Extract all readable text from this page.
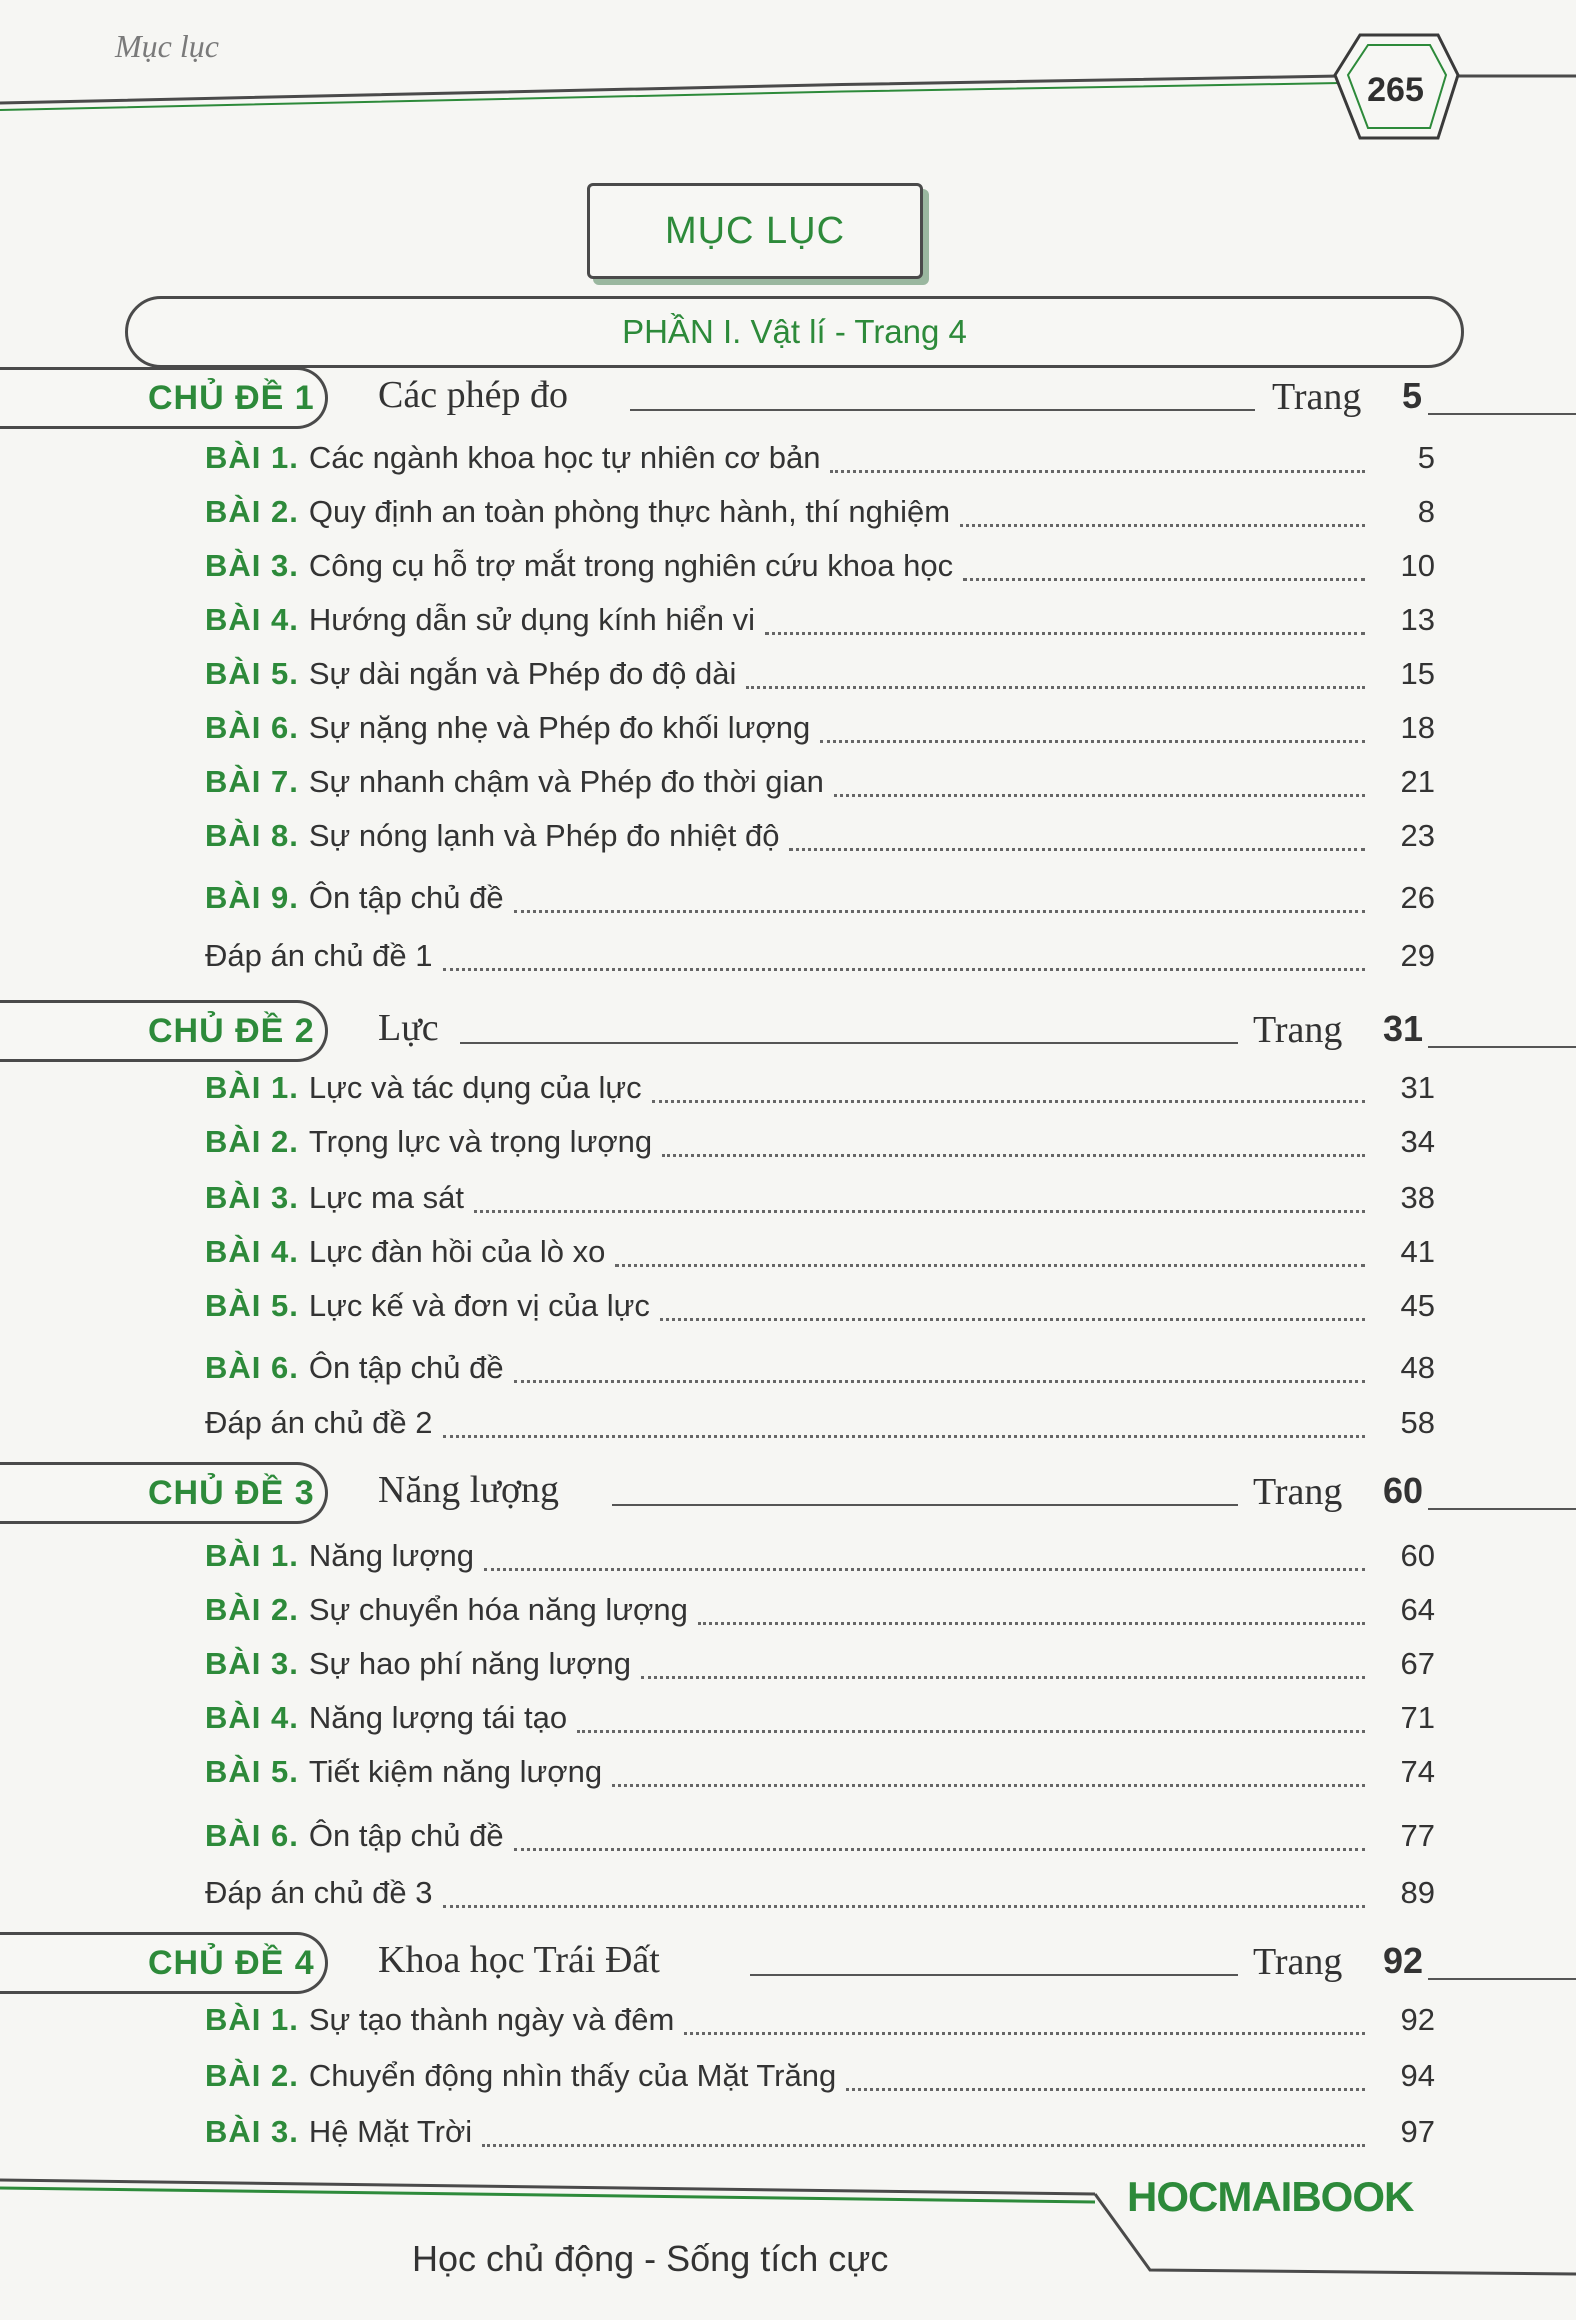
Mục lục
265
MỤC LỤC
PHẦN I. Vật lí - Trang 4
CHỦ ĐỀ 1	Các phép đo	Trang 5
BÀI 1. Các ngành khoa học tự nhiên cơ bản	5
BÀI 2. Quy định an toàn phòng thực hành, thí nghiệm	8
BÀI 3. Công cụ hỗ trợ mắt trong nghiên cứu khoa học	10
BÀI 4. Hướng dẫn sử dụng kính hiển vi	13
BÀI 5. Sự dài ngắn và Phép đo độ dài	15
BÀI 6. Sự nặng nhẹ và Phép đo khối lượng	18
BÀI 7. Sự nhanh chậm và Phép đo thời gian	21
BÀI 8. Sự nóng lạnh và Phép đo nhiệt độ	23
BÀI 9. Ôn tập chủ đề	26
Đáp án chủ đề 1	29
CHỦ ĐỀ 2	Lực	Trang 31
BÀI 1. Lực và tác dụng của lực	31
BÀI 2. Trọng lực và trọng lượng	34
BÀI 3. Lực ma sát	38
BÀI 4. Lực đàn hồi của lò xo	41
BÀI 5. Lực kế và đơn vị của lực	45
BÀI 6. Ôn tập chủ đề	48
Đáp án chủ đề 2	58
CHỦ ĐỀ 3	Năng lượng	Trang 60
BÀI 1. Năng lượng	60
BÀI 2. Sự chuyển hóa năng lượng	64
BÀI 3. Sự hao phí năng lượng	67
BÀI 4. Năng lượng tái tạo	71
BÀI 5. Tiết kiệm năng lượng	74
BÀI 6. Ôn tập chủ đề	77
Đáp án chủ đề 3	89
CHỦ ĐỀ 4	Khoa học Trái Đất	Trang 92
BÀI 1. Sự tạo thành ngày và đêm	92
BÀI 2. Chuyển động nhìn thấy của Mặt Trăng	94
BÀI 3. Hệ Mặt Trời	97
HOCMAIBOOK
Học chủ động - Sống tích cực
